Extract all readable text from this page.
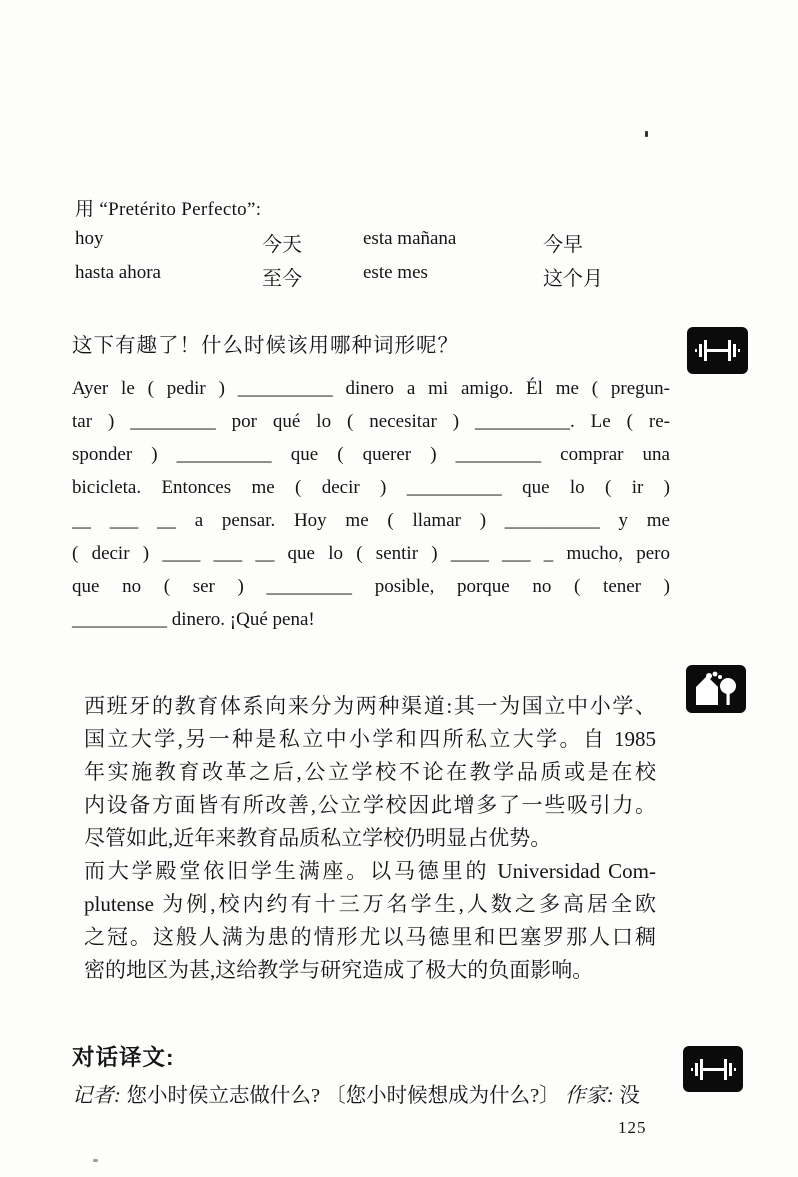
用 “Pretérito Perfecto”:
hoy	今天	esta mañana	今早
hasta ahora	至今	este mes	这个月
这下有趣了！什么时候该用哪种词形呢？
Ayer le ( pedir ) __________ dinero a mi amigo. Él me ( pregun-
tar ) _________ por qué lo ( necesitar ) __________. Le ( re-
sponder ) __________ que ( querer ) _________ comprar una
bicicleta. Entonces me ( decir ) __________ que lo ( ir )
__ ___ __ a pensar. Hoy me ( llamar ) __________ y me
( decir ) ____ ___ __ que lo ( sentir ) ____ ___ _ mucho, pero
que no ( ser ) _________ posible, porque no ( tener )
__________ dinero. ¡Qué pena!
西班牙的教育体系向来分为两种渠道:其一为国立中小学、
国立大学,另一种是私立中小学和四所私立大学。自 1985
年实施教育改革之后,公立学校不论在教学品质或是在校
内设备方面皆有所改善,公立学校因此增多了一些吸引力。
尽管如此,近年来教育品质私立学校仍明显占优势。
而大学殿堂依旧学生满座。以马德里的 Universidad Com-
plutense 为例,校内约有十三万名学生,人数之多高居全欧
之冠。这般人满为患的情形尤以马德里和巴塞罗那人口稠
密的地区为甚,这给教学与研究造成了极大的负面影响。
对话译文:
记者: 您小时侯立志做什么? 〔您小时候想成为什么?〕 作家: 没
125
